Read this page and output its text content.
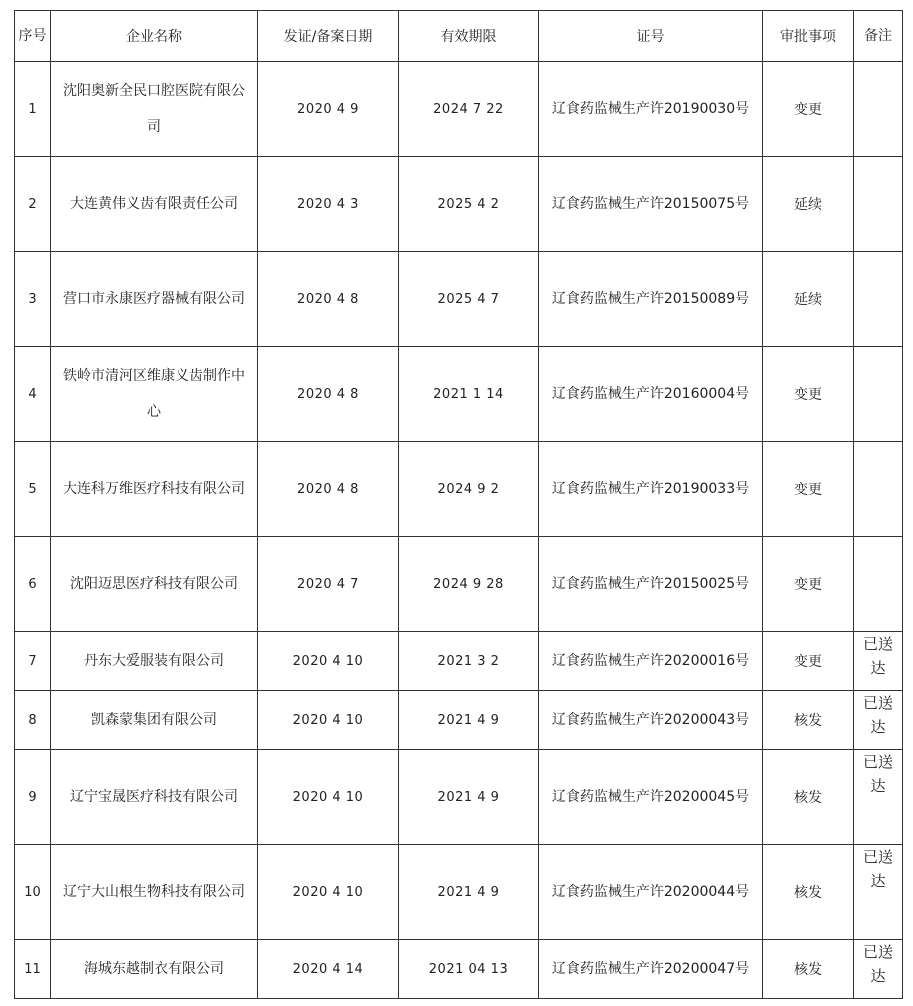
序号	企业名称	发证/备案日期	有效期限	证号	审批事项	备注
1	沈阳奥新全民口腔医院有限公司	2020 4 9	2024 7 22	辽食药监械生产许20190030号	变更	
2	大连黄伟义齿有限责任公司	2020 4 3	2025 4 2	辽食药监械生产许20150075号	延续	
3	营口市永康医疗器械有限公司	2020 4 8	2025 4 7	辽食药监械生产许20150089号	延续	
4	铁岭市清河区维康义齿制作中心	2020 4 8	2021 1 14	辽食药监械生产许20160004号	变更	
5	大连科万维医疗科技有限公司	2020 4 8	2024 9 2	辽食药监械生产许20190033号	变更	
6	沈阳迈思医疗科技有限公司	2020 4 7	2024 9 28	辽食药监械生产许20150025号	变更	
7	丹东大爱服装有限公司	2020 4 10	2021 3 2	辽食药监械生产许20200016号	变更	已送达
8	凯森蒙集团有限公司	2020 4 10	2021 4 9	辽食药监械生产许20200043号	核发	已送达
9	辽宁宝晟医疗科技有限公司	2020 4 10	2021 4 9	辽食药监械生产许20200045号	核发	已送达
10	辽宁大山根生物科技有限公司	2020 4 10	2021 4 9	辽食药监械生产许20200044号	核发	已送达
11	海城东越制衣有限公司	2020 4 14	2021 04 13	辽食药监械生产许20200047号	核发	已送达
